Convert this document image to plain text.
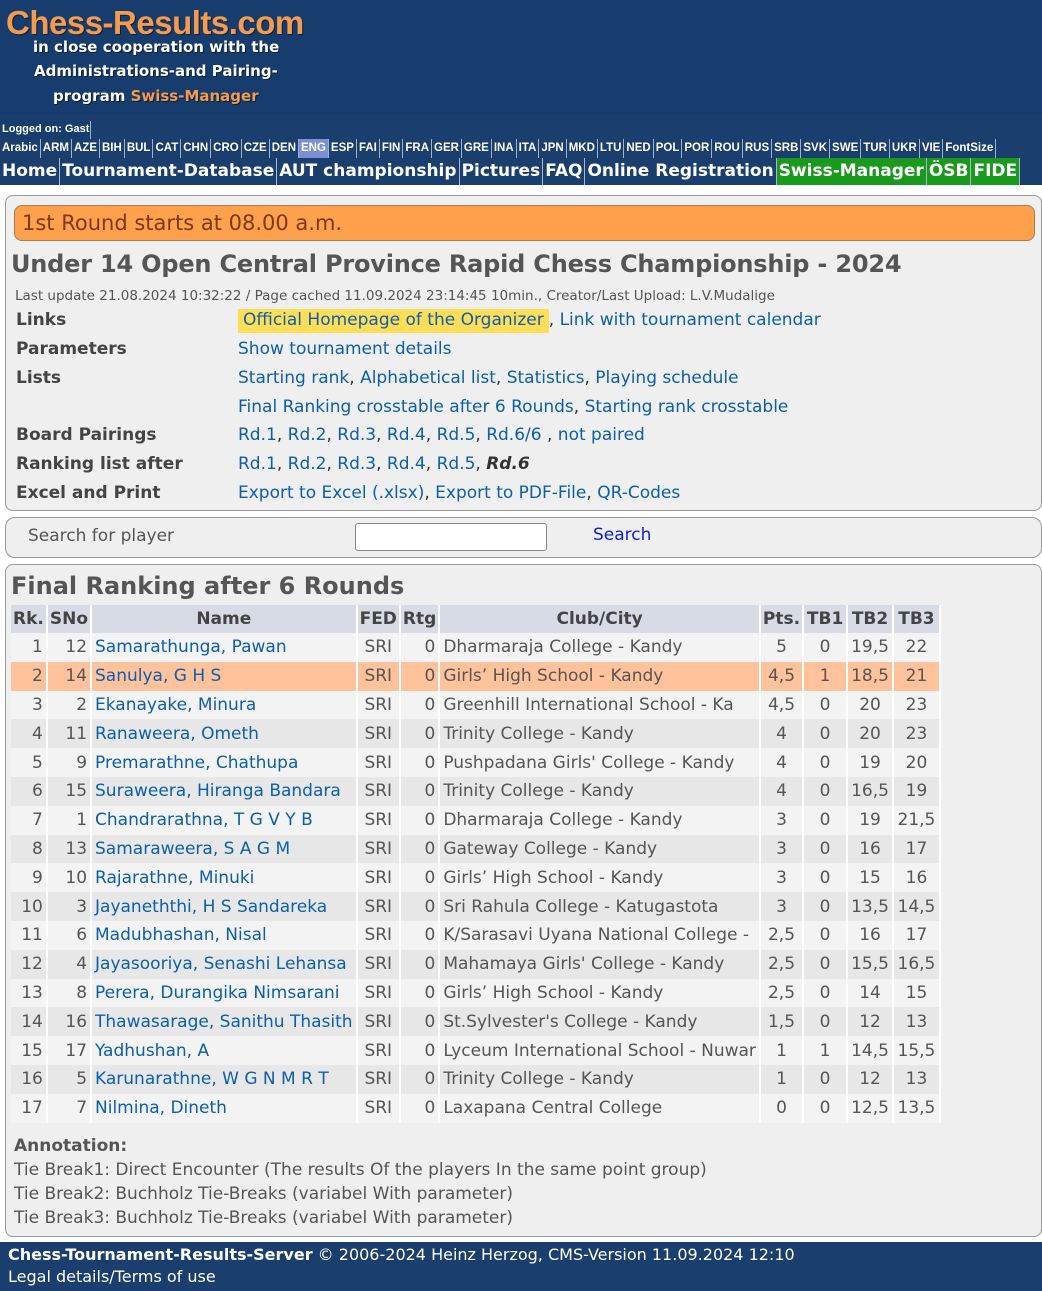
Chess-Results.com
in close cooperation with the
Administrations-and Pairing-
program Swiss-Manager
Logged on: Gast
Arabic ARM AZE BIH BUL CAT CHN CRO CZE DEN ENG ESP FAI FIN FRA GER GRE INA ITA JPN MKD LTU NED POL POR ROU RUS SRB SVK SWE TUR UKR VIE FontSize
Home Tournament-Database AUT championship Pictures FAQ Online Registration Swiss-Manager ÖSB FIDE
1st Round starts at 08.00 a.m.
Under 14 Open Central Province Rapid Chess Championship - 2024
Last update 21.08.2024 10:32:22 / Page cached 11.09.2024 23:14:45 10min., Creator/Last Upload: L.V.Mudalige
Links	Official Homepage of the Organizer , Link with tournament calendar
Parameters	Show tournament details
Lists	Starting rank, Alphabetical list, Statistics, Playing schedule
Final Ranking crosstable after 6 Rounds, Starting rank crosstable
Board Pairings	Rd.1, Rd.2, Rd.3, Rd.4, Rd.5, Rd.6/6 , not paired
Ranking list after	Rd.1, Rd.2, Rd.3, Rd.4, Rd.5, Rd.6
Excel and Print	Export to Excel (.xlsx), Export to PDF-File, QR-Codes
Search for player	Search
Final Ranking after 6 Rounds
Rk.	SNo	Name	FED	Rtg	Club/City	Pts.	TB1	TB2	TB3
1	12	Samarathunga, Pawan	SRI	0	Dharmaraja College - Kandy	5	0	19,5	22
2	14	Sanulya, G H S	SRI	0	Girls’ High School - Kandy	4,5	1	18,5	21
3	2	Ekanayake, Minura	SRI	0	Greenhill International School - Ka	4,5	0	20	23
4	11	Ranaweera, Ometh	SRI	0	Trinity College - Kandy	4	0	20	23
5	9	Premarathne, Chathupa	SRI	0	Pushpadana Girls' College - Kandy	4	0	19	20
6	15	Suraweera, Hiranga Bandara	SRI	0	Trinity College - Kandy	4	0	16,5	19
7	1	Chandrarathna, T G V Y B	SRI	0	Dharmaraja College - Kandy	3	0	19	21,5
8	13	Samaraweera, S A G M	SRI	0	Gateway College - Kandy	3	0	16	17
9	10	Rajarathne, Minuki	SRI	0	Girls’ High School - Kandy	3	0	15	16
10	3	Jayaneththi, H S Sandareka	SRI	0	Sri Rahula College - Katugastota	3	0	13,5	14,5
11	6	Madubhashan, Nisal	SRI	0	K/Sarasavi Uyana National College -	2,5	0	16	17
12	4	Jayasooriya, Senashi Lehansa	SRI	0	Mahamaya Girls' College - Kandy	2,5	0	15,5	16,5
13	8	Perera, Durangika Nimsarani	SRI	0	Girls’ High School - Kandy	2,5	0	14	15
14	16	Thawasarage, Sanithu Thasith	SRI	0	St.Sylvester's College - Kandy	1,5	0	12	13
15	17	Yadhushan, A	SRI	0	Lyceum International School - Nuwar	1	1	14,5	15,5
16	5	Karunarathne, W G N M R T	SRI	0	Trinity College - Kandy	1	0	12	13
17	7	Nilmina, Dineth	SRI	0	Laxapana Central College	0	0	12,5	13,5
Annotation:
Tie Break1: Direct Encounter (The results Of the players In the same point group)
Tie Break2: Buchholz Tie-Breaks (variabel With parameter)
Tie Break3: Buchholz Tie-Breaks (variabel With parameter)
Chess-Tournament-Results-Server © 2006-2024 Heinz Herzog, CMS-Version 11.09.2024 12:10
Legal details/Terms of use
